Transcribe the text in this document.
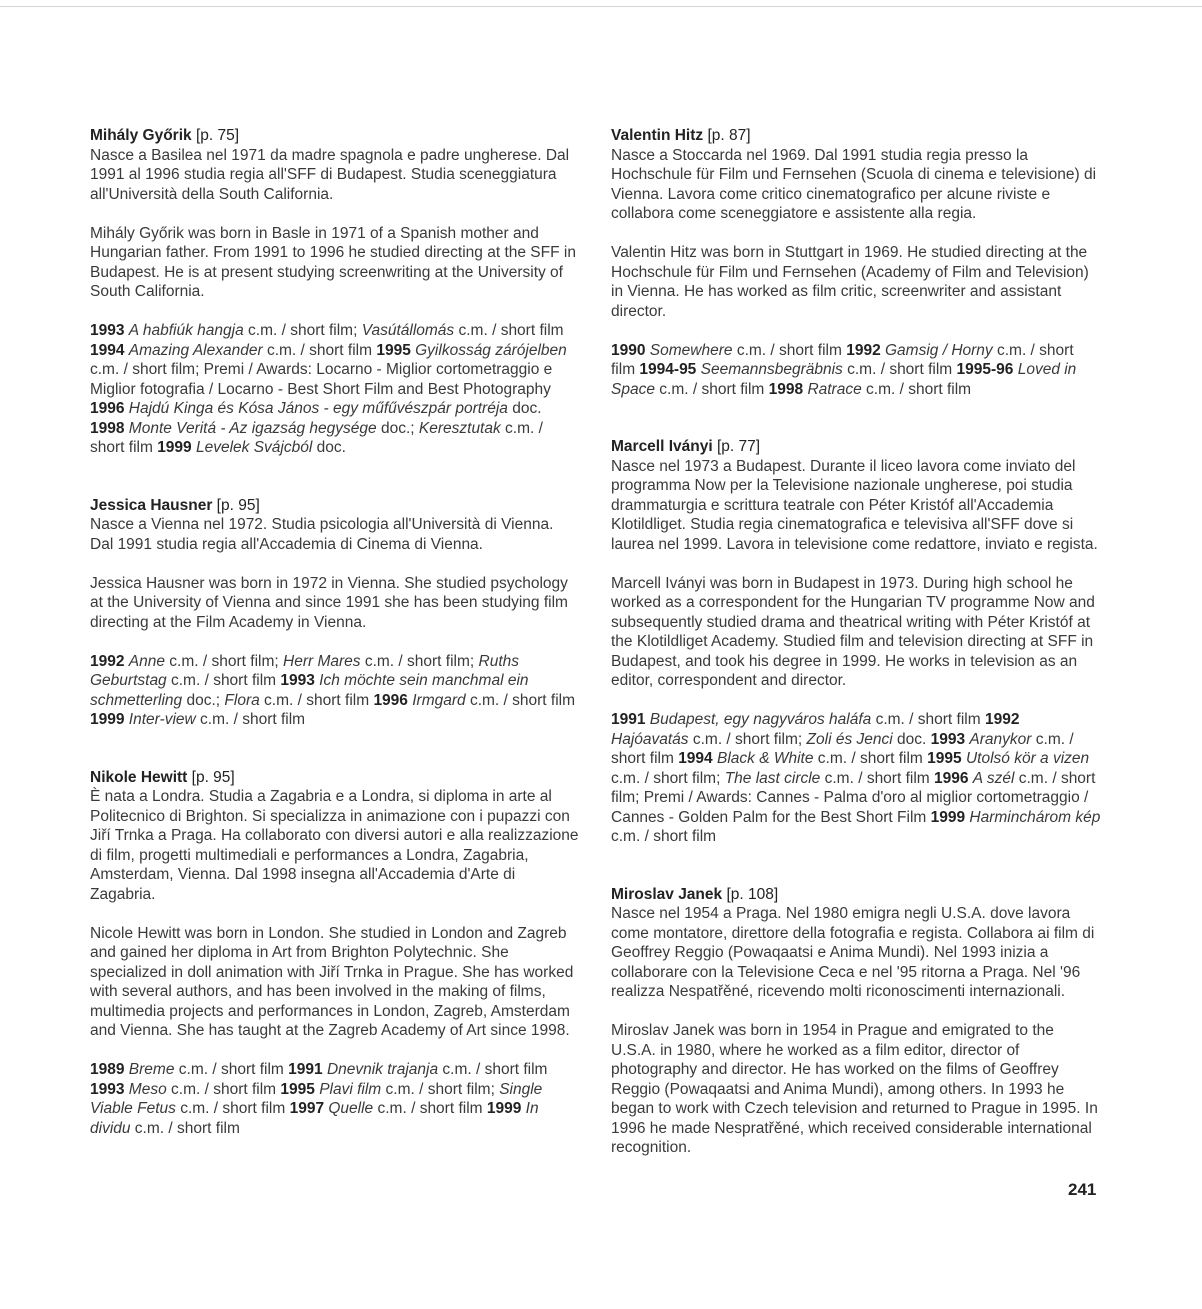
Mihály Győrik [p. 75]

Nasce a Basilea nel 1971 da madre spagnola e padre ungherese. Dal 1991 al 1996 studia regia all'SFF di Budapest. Studia sceneggiatura all'Università della South California.

Mihály Győrik was born in Basle in 1971 of a Spanish mother and Hungarian father. From 1991 to 1996 he studied directing at the SFF in Budapest. He is at present studying screenwriting at the University of South California.

1993 A habfiúk hangja c.m. / short film; Vasútállomás c.m. / short film 1994 Amazing Alexander c.m. / short film 1995 Gyilkosság zárójelben c.m. / short film; Premi / Awards: Locarno - Miglior cortometraggio e Miglior fotografia / Locarno - Best Short Film and Best Photography 1996 Hajdú Kinga és Kósa János - egy műfűvészpár portréja doc. 1998 Monte Veritá - Az igazság hegysége doc.; Keresztutak c.m. / short film 1999 Levelek Svájcból doc.

Jessica Hausner [p. 95]

Nasce a Vienna nel 1972. Studia psicologia all'Università di Vienna. Dal 1991 studia regia all'Accademia di Cinema di Vienna.

Jessica Hausner was born in 1972 in Vienna. She studied psychology at the University of Vienna and since 1991 she has been studying film directing at the Film Academy in Vienna.

1992 Anne c.m. / short film; Herr Mares c.m. / short film; Ruths Geburtstag c.m. / short film 1993 Ich möchte sein manchmal ein schmetterling doc.; Flora c.m. / short film 1996 Irmgard c.m. / short film 1999 Inter-view c.m. / short film

Nikole Hewitt [p. 95]

È nata a Londra. Studia a Zagabria e a Londra, si diploma in arte al Politecnico di Brighton. Si specializza in animazione con i pupazzi con Jiří Trnka a Praga. Ha collaborato con diversi autori e alla realizzazione di film, progetti multimediali e performances a Londra, Zagabria, Amsterdam, Vienna. Dal 1998 insegna all'Accademia d'Arte di Zagabria.

Nicole Hewitt was born in London. She studied in London and Zagreb and gained her diploma in Art from Brighton Polytechnic. She specialized in doll animation with Jiří Trnka in Prague. She has worked with several authors, and has been involved in the making of films, multimedia projects and performances in London, Zagreb, Amsterdam and Vienna. She has taught at the Zagreb Academy of Art since 1998.

1989 Breme c.m. / short film 1991 Dnevnik trajanja c.m. / short film 1993 Meso c.m. / short film 1995 Plavi film c.m. / short film; Single Viable Fetus c.m. / short film 1997 Quelle c.m. / short film 1999 In dividu c.m. / short film

Valentin Hitz [p. 87]

Nasce a Stoccarda nel 1969. Dal 1991 studia regia presso la Hochschule für Film und Fernsehen (Scuola di cinema e televisione) di Vienna. Lavora come critico cinematografico per alcune riviste e collabora come sceneggiatore e assistente alla regia.

Valentin Hitz was born in Stuttgart in 1969. He studied directing at the Hochschule für Film und Fernsehen (Academy of Film and Television) in Vienna. He has worked as film critic, screenwriter and assistant director.

1990 Somewhere c.m. / short film 1992 Gamsig / Horny c.m. / short film 1994-95 Seemannsbegräbnis c.m. / short film 1995-96 Loved in Space c.m. / short film 1998 Ratrace c.m. / short film

Marcell Iványi [p. 77]

Nasce nel 1973 a Budapest. Durante il liceo lavora come inviato del programma Now per la Televisione nazionale ungherese, poi studia drammaturgia e scrittura teatrale con Péter Kristóf all'Accademia Klotildliget. Studia regia cinematografica e televisiva all'SFF dove si laurea nel 1999. Lavora in televisione come redattore, inviato e regista.

Marcell Iványi was born in Budapest in 1973. During high school he worked as a correspondent for the Hungarian TV programme Now and subsequently studied drama and theatrical writing with Péter Kristóf at the Klotildliget Academy. Studied film and television directing at SFF in Budapest, and took his degree in 1999. He works in television as an editor, correspondent and director.

1991 Budapest, egy nagyváros haláfa c.m. / short film 1992 Hajóavatás c.m. / short film; Zoli és Jenci doc. 1993 Aranykor c.m. / short film 1994 Black & White c.m. / short film 1995 Utolsó kör a vizen c.m. / short film; The last circle c.m. / short film 1996 A szél c.m. / short film; Premi / Awards: Cannes - Palma d'oro al miglior cortometraggio / Cannes - Golden Palm for the Best Short Film 1999 Harminchárom kép c.m. / short film

Miroslav Janek [p. 108]

Nasce nel 1954 a Praga. Nel 1980 emigra negli U.S.A. dove lavora come montatore, direttore della fotografia e regista. Collabora ai film di Geoffrey Reggio (Powaqaatsi e Anima Mundi). Nel 1993 inizia a collaborare con la Televisione Ceca e nel '95 ritorna a Praga. Nel '96 realizza Nespatřěné, ricevendo molti riconoscimenti internazionali.

Miroslav Janek was born in 1954 in Prague and emigrated to the U.S.A. in 1980, where he worked as a film editor, director of photography and director. He has worked on the films of Geoffrey Reggio (Powaqaatsi and Anima Mundi), among others. In 1993 he began to work with Czech television and returned to Prague in 1995. In 1996 he made Nespratřěné, which received considerable international recognition.

241
